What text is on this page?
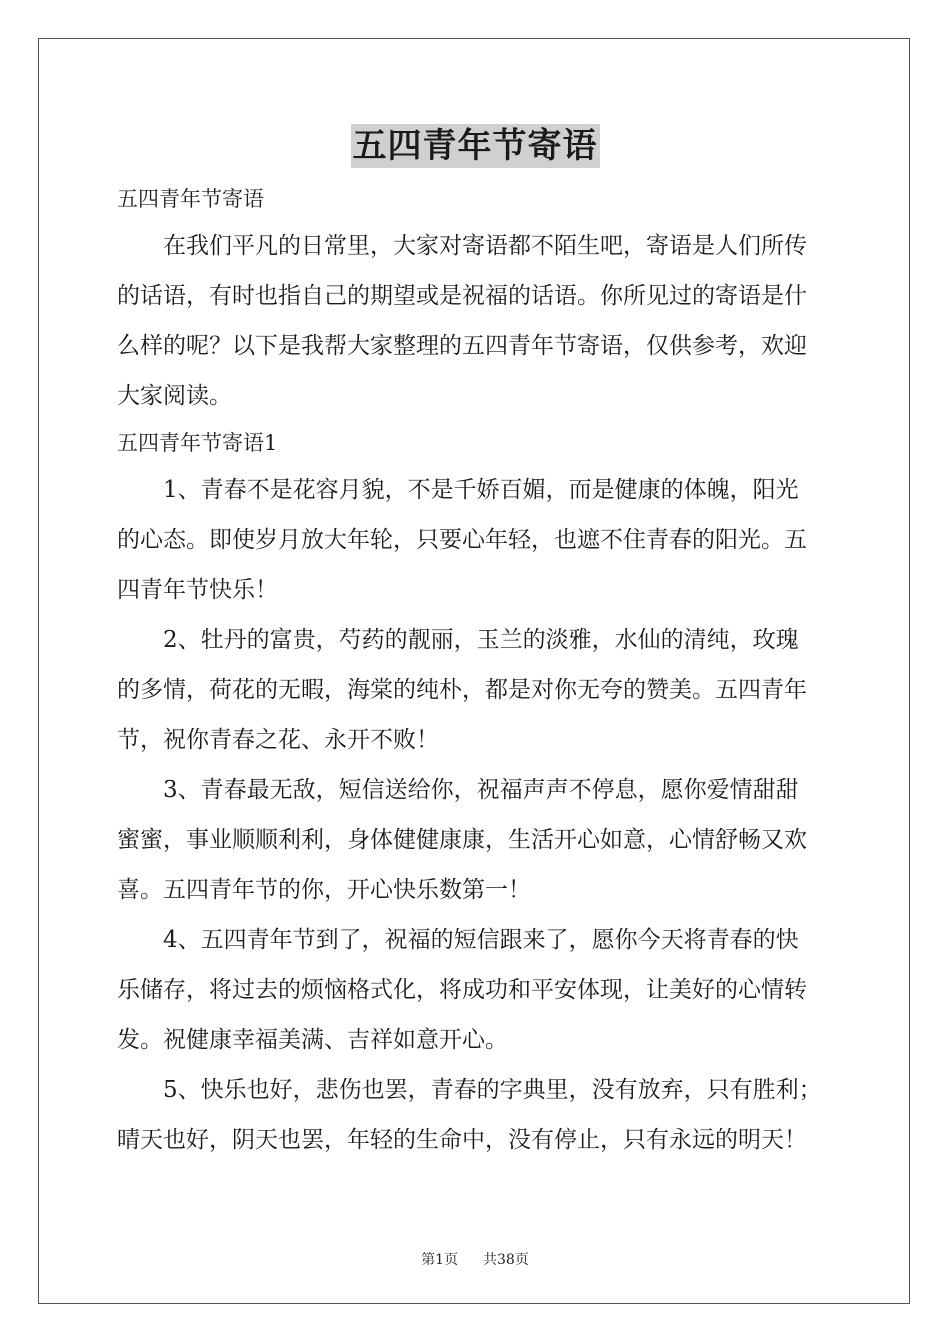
五四青年节寄语

五四青年节寄语

　　在我们平凡的日常里，大家对寄语都不陌生吧，寄语是人们所传

的话语，有时也指自己的期望或是祝福的话语。你所见过的寄语是什

么样的呢？以下是我帮大家整理的五四青年节寄语，仅供参考，欢迎

大家阅读。

五四青年节寄语1

　　1、青春不是花容月貌，不是千娇百媚，而是健康的体魄，阳光

的心态。即使岁月放大年轮，只要心年轻，也遮不住青春的阳光。五

四青年节快乐！

　　2、牡丹的富贵，芍药的靓丽，玉兰的淡雅，水仙的清纯，玫瑰

的多情，荷花的无暇，海棠的纯朴，都是对你无夸的赞美。五四青年

节，祝你青春之花、永开不败！

　　3、青春最无敌，短信送给你，祝福声声不停息，愿你爱情甜甜

蜜蜜，事业顺顺利利，身体健健康康，生活开心如意，心情舒畅又欢

喜。五四青年节的你，开心快乐数第一！

　　4、五四青年节到了，祝福的短信跟来了，愿你今天将青春的快

乐储存，将过去的烦恼格式化，将成功和平安体现，让美好的心情转

发。祝健康幸福美满、吉祥如意开心。

　　5、快乐也好，悲伤也罢，青春的字典里，没有放弃，只有胜利；

晴天也好，阴天也罢，年轻的生命中，没有停止，只有永远的明天！

第1页 共38页
